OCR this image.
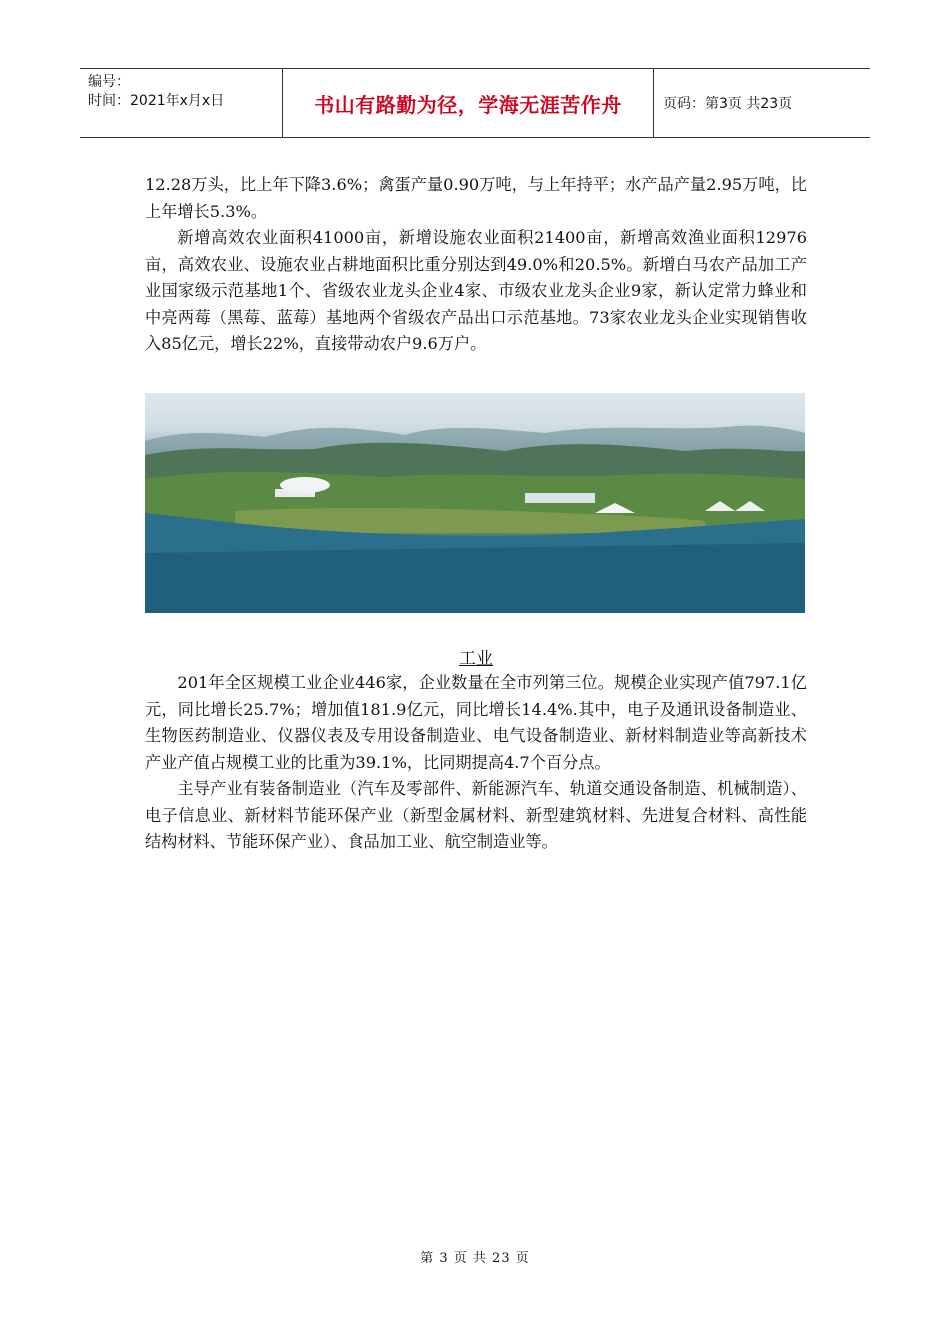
编号：
时间：2021年x月x日	书山有路勤为径，学海无涯苦作舟	页码：第3页 共23页

12.28万头，比上年下降3.6%；禽蛋产量0.90万吨，与上年持平；水产品产量2.95万吨，比上年增长5.3%。

新增高效农业面积41000亩，新增设施农业面积21400亩，新增高效渔业面积12976亩，高效农业、设施农业占耕地面积比重分别达到49.0%和20.5%。新增白马农产品加工产业国家级示范基地1个、省级农业龙头企业4家、市级农业龙头企业9家，新认定常力蜂业和中亮两莓（黑莓、蓝莓）基地两个省级农产品出口示范基地。73家农业龙头企业实现销售收入85亿元，增长22%，直接带动农户9.6万户。

工业

201年全区规模工业企业446家，企业数量在全市列第三位。规模企业实现产值797.1亿元，同比增长25.7%；增加值181.9亿元，同比增长14.4%.其中，电子及通讯设备制造业、生物医药制造业、仪器仪表及专用设备制造业、电气设备制造业、新材料制造业等高新技术产业产值占规模工业的比重为39.1%，比同期提高4.7个百分点。

主导产业有装备制造业（汽车及零部件、新能源汽车、轨道交通设备制造、机械制造）、电子信息业、新材料节能环保产业（新型金属材料、新型建筑材料、先进复合材料、高性能结构材料、节能环保产业）、食品加工业、航空制造业等。

第 3 页 共 23 页
